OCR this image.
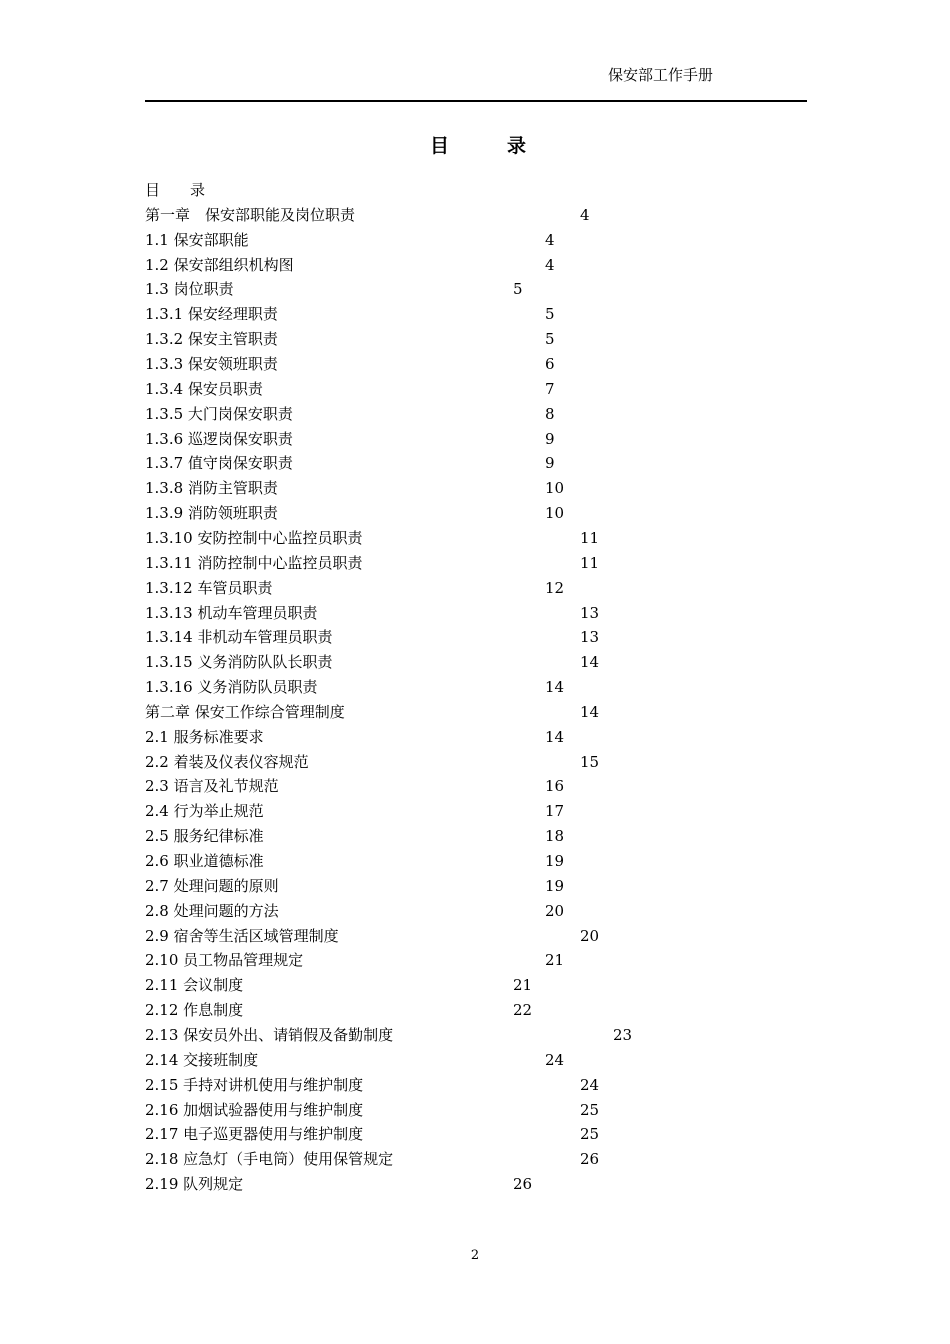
保安部工作手册
目	录
目　　录
第一章　保安部职能及岗位职责	4
1.1 保安部职能	4
1.2 保安部组织机构图	4
1.3 岗位职责	5
1.3.1 保安经理职责	5
1.3.2 保安主管职责	5
1.3.3 保安领班职责	6
1.3.4 保安员职责	7
1.3.5 大门岗保安职责	8
1.3.6 巡逻岗保安职责	9
1.3.7 值守岗保安职责	9
1.3.8 消防主管职责	10
1.3.9 消防领班职责	10
1.3.10 安防控制中心监控员职责	11
1.3.11 消防控制中心监控员职责	11
1.3.12 车管员职责	12
1.3.13 机动车管理员职责	13
1.3.14 非机动车管理员职责	13
1.3.15 义务消防队队长职责	14
1.3.16 义务消防队员职责	14
第二章 保安工作综合管理制度	14
2.1 服务标准要求	14
2.2 着装及仪表仪容规范	15
2.3 语言及礼节规范	16
2.4 行为举止规范	17
2.5 服务纪律标准	18
2.6 职业道德标准	19
2.7 处理问题的原则	19
2.8 处理问题的方法	20
2.9 宿舍等生活区域管理制度	20
2.10 员工物品管理规定	21
2.11 会议制度	21
2.12 作息制度	22
2.13 保安员外出、请销假及备勤制度	23
2.14 交接班制度	24
2.15 手持对讲机使用与维护制度	24
2.16 加烟试验器使用与维护制度	25
2.17 电子巡更器使用与维护制度	25
2.18 应急灯（手电筒）使用保管规定	26
2.19 队列规定	26
2
